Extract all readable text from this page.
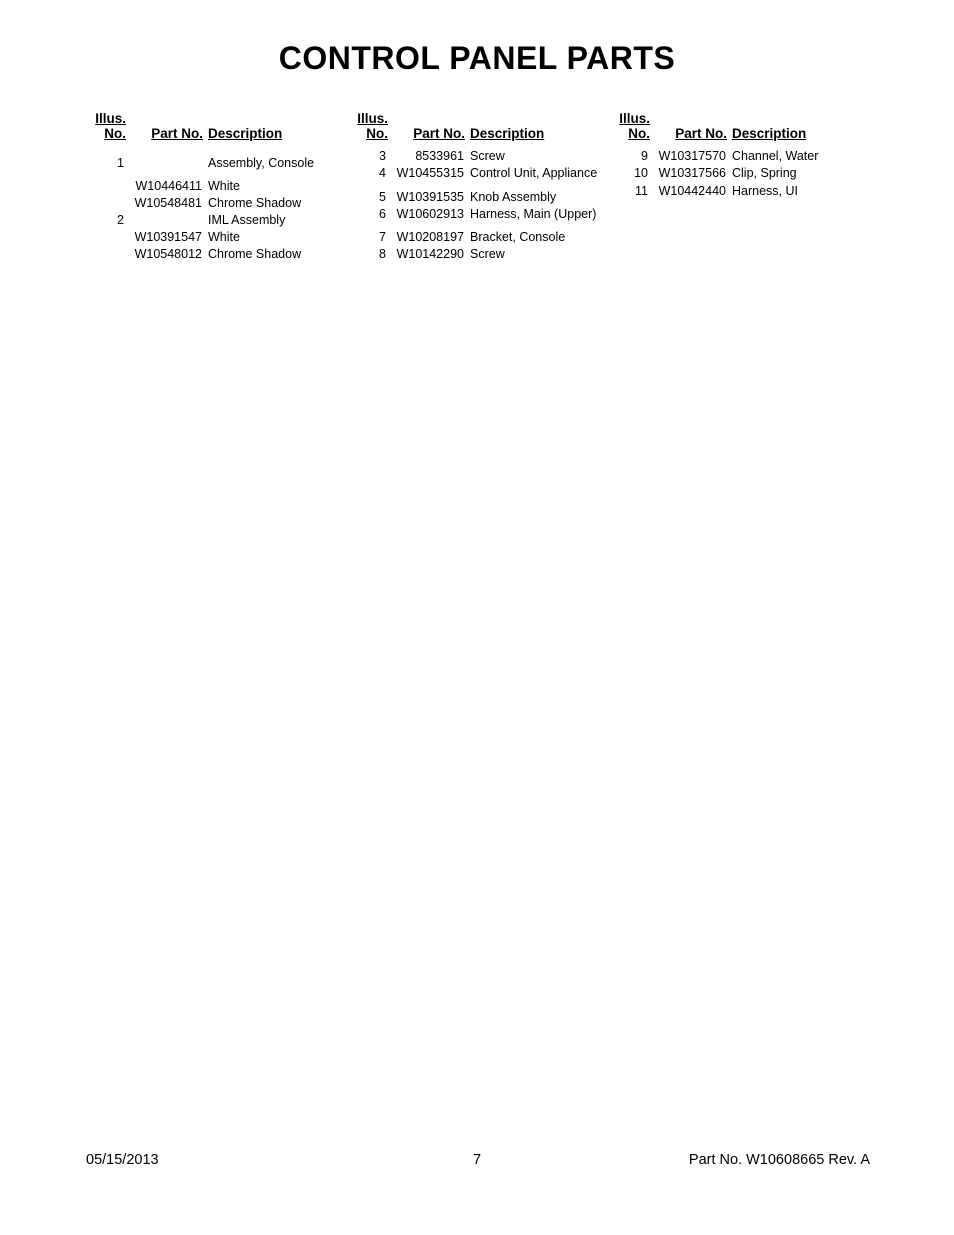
CONTROL PANEL PARTS
Illus.
No.	Part No. Description
1	Assembly, Console
W10446411 White
W10548481 Chrome Shadow
2	IML Assembly
W10391547 White
W10548012 Chrome Shadow
Illus.
No.	Part No. Description
3	8533961 Screw
4 W10455315 Control Unit, Appliance
5 W10391535 Knob Assembly
6 W10602913 Harness, Main (Upper)
7 W10208197 Bracket, Console
8 W10142290 Screw
Illus.
No.	Part No. Description
9 W10317570 Channel, Water
10 W10317566 Clip, Spring
11 W10442440 Harness, UI
05/15/2013	7	Part No. W10608665 Rev. A
